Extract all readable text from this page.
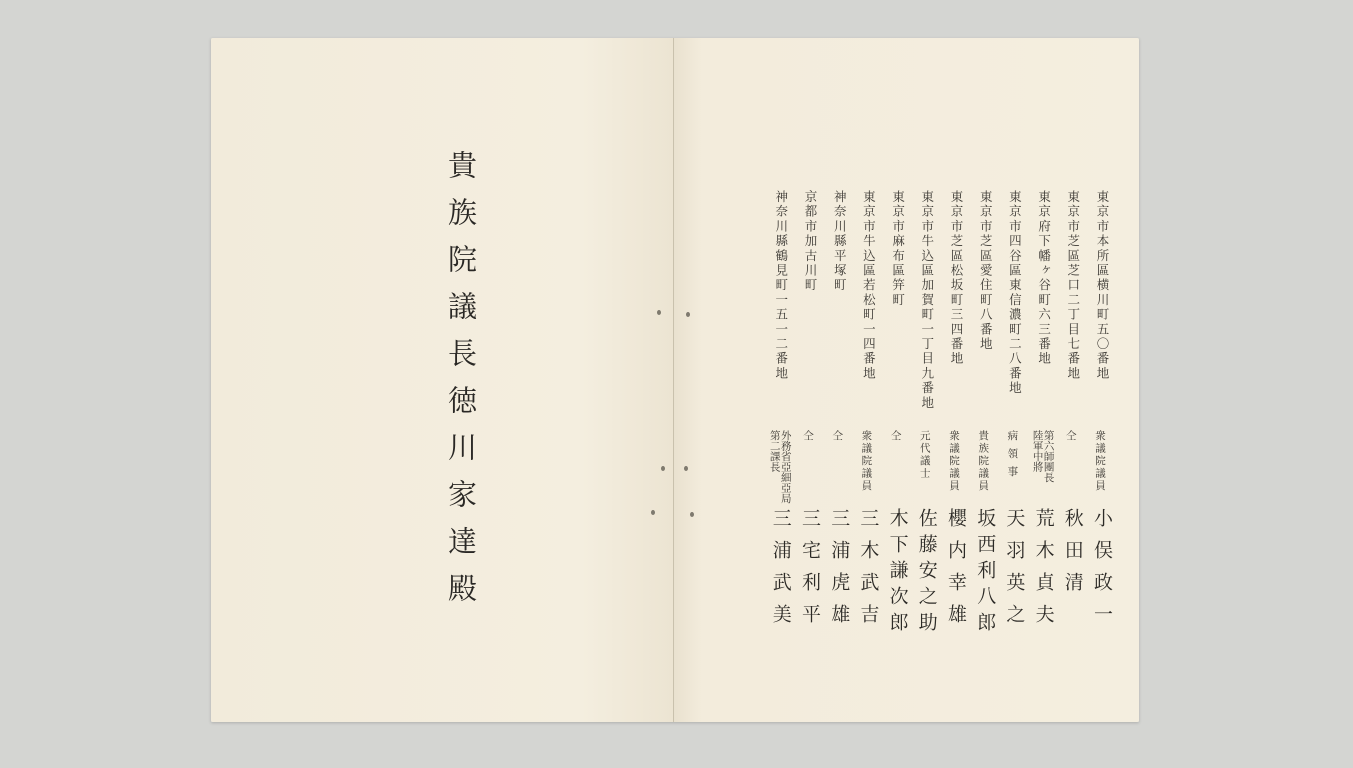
貴族院議長徳川家達殿	東京市本所區横川町五〇番地
衆議院議員
小俣政一
東京市芝區芝口二丁目七番地
仝
秋田清
東京府下幡ヶ谷町六三番地
第六師團長
陸軍中將
荒木貞夫
東京市四谷區東信濃町二八番地
病 領 事
天羽英之
東京市芝區愛住町八番地
貴族院議員
坂西利八郎
東京市芝區松坂町三四番地
衆議院議員
櫻内幸雄
東京市牛込區加賀町一丁目九番地
元代議士
佐藤安之助
東京市麻布區笄町
仝
木下謙次郎
東京市牛込區若松町一四番地
衆議院議員
三木武吉
神奈川縣平塚町
仝
三浦虎雄
京都市加古川町
仝
三宅利平
神奈川縣鶴見町一五一二番地
外務省亞細亞局
第二課長
三浦武美
